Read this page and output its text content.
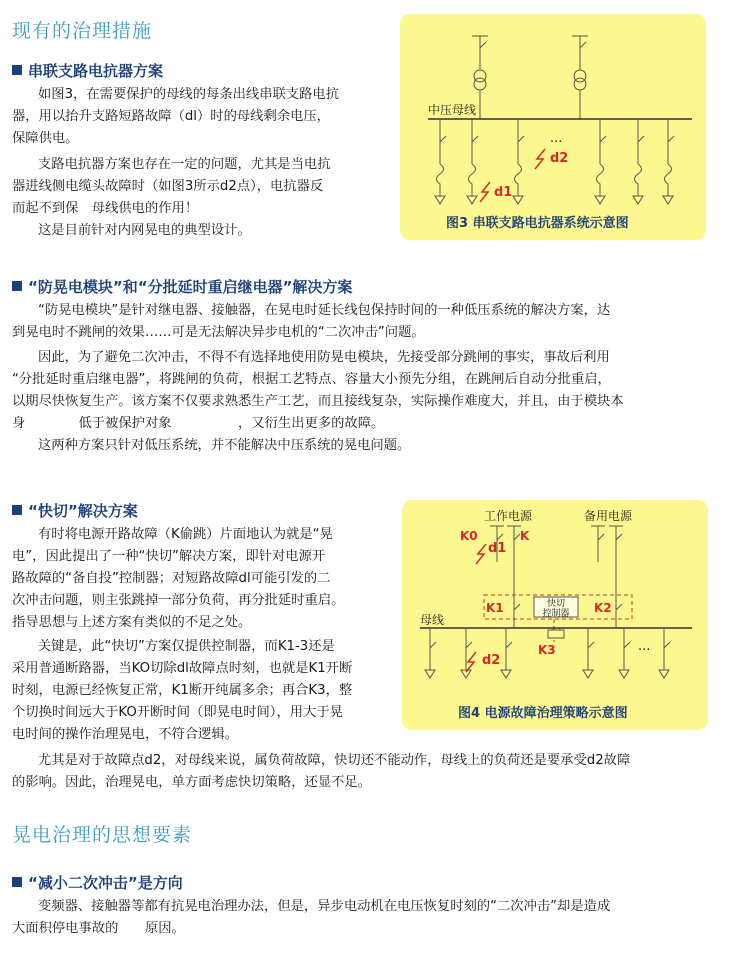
现有的治理措施
串联支路电抗器方案
如图3，在需要保护的母线的每条出线串联支路电抗
器，用以抬升支路短路故障（dl）时的母线剩余电压，
保障供电。
支路电抗器方案也存在一定的问题，尤其是当电抗
器进线侧电缆头故障时（如图3所示d2点），电抗器反
而起不到保　母线供电的作用！
这是目前针对内网晃电的典型设计。
中压母线
...
d2
d1
图3 串联支路电抗器系统示意图
“防晃电模块”和“分批延时重启继电器”解决方案
“防晃电模块”是针对继电器、接触器，在晃电时延长线包保持时间的一种低压系统的解决方案，达
到晃电时不跳闸的效果……可是无法解决异步电机的“二次冲击”问题。
因此，为了避免二次冲击，不得不有选择地使用防晃电模块，先接受部分跳闸的事实，事故后利用
“分批延时重启继电器”，将跳闸的负荷，根据工艺特点、容量大小预先分组，在跳闸后自动分批重启，
以期尽快恢复生产。该方案不仅要求熟悉生产工艺，而且接线复杂，实际操作难度大，并且，由于模块本
身　　　　低于被保护对象　　　　　，又衍生出更多的故障。
这两种方案只针对低压系统，并不能解决中压系统的晃电问题。
“快切”解决方案
有时将电源开路故障（K偷跳）片面地认为就是“晃
电”，因此提出了一种“快切”解决方案，即针对电源开
路故障的“备自投”控制器；对短路故障dl可能引发的二
次冲击问题，则主张跳掉一部分负荷，再分批延时重启。
指导思想与上述方案有类似的不足之处。
关键是，此“快切”方案仅提供控制器，而K1-3还是
采用普通断路器，当KO切除dl故障点时刻，也就是K1开断
时刻，电源已经恢复正常，K1断开纯属多余；再合K3，整
个切换时间远大于KO开断时间（即晃电时间），用大于晃
电时间的操作治理晃电，不符合逻辑。
尤其是对于故障点d2，对母线来说，属负荷故障，快切还不能动作，母线上的负荷还是要承受d2故障
的影响。因此，治理晃电，单方面考虑快切策略，还显不足。
工作电源	备用电源
K0	K
d1
K1	K2
快切
控制器
K3
母线
d2
...
图4 电源故障治理策略示意图
晃电治理的思想要素
“减小二次冲击”是方向
变频器、接触器等都有抗晃电治理办法，但是，异步电动机在电压恢复时刻的“二次冲击”却是造成
大面积停电事故的　　原因。
